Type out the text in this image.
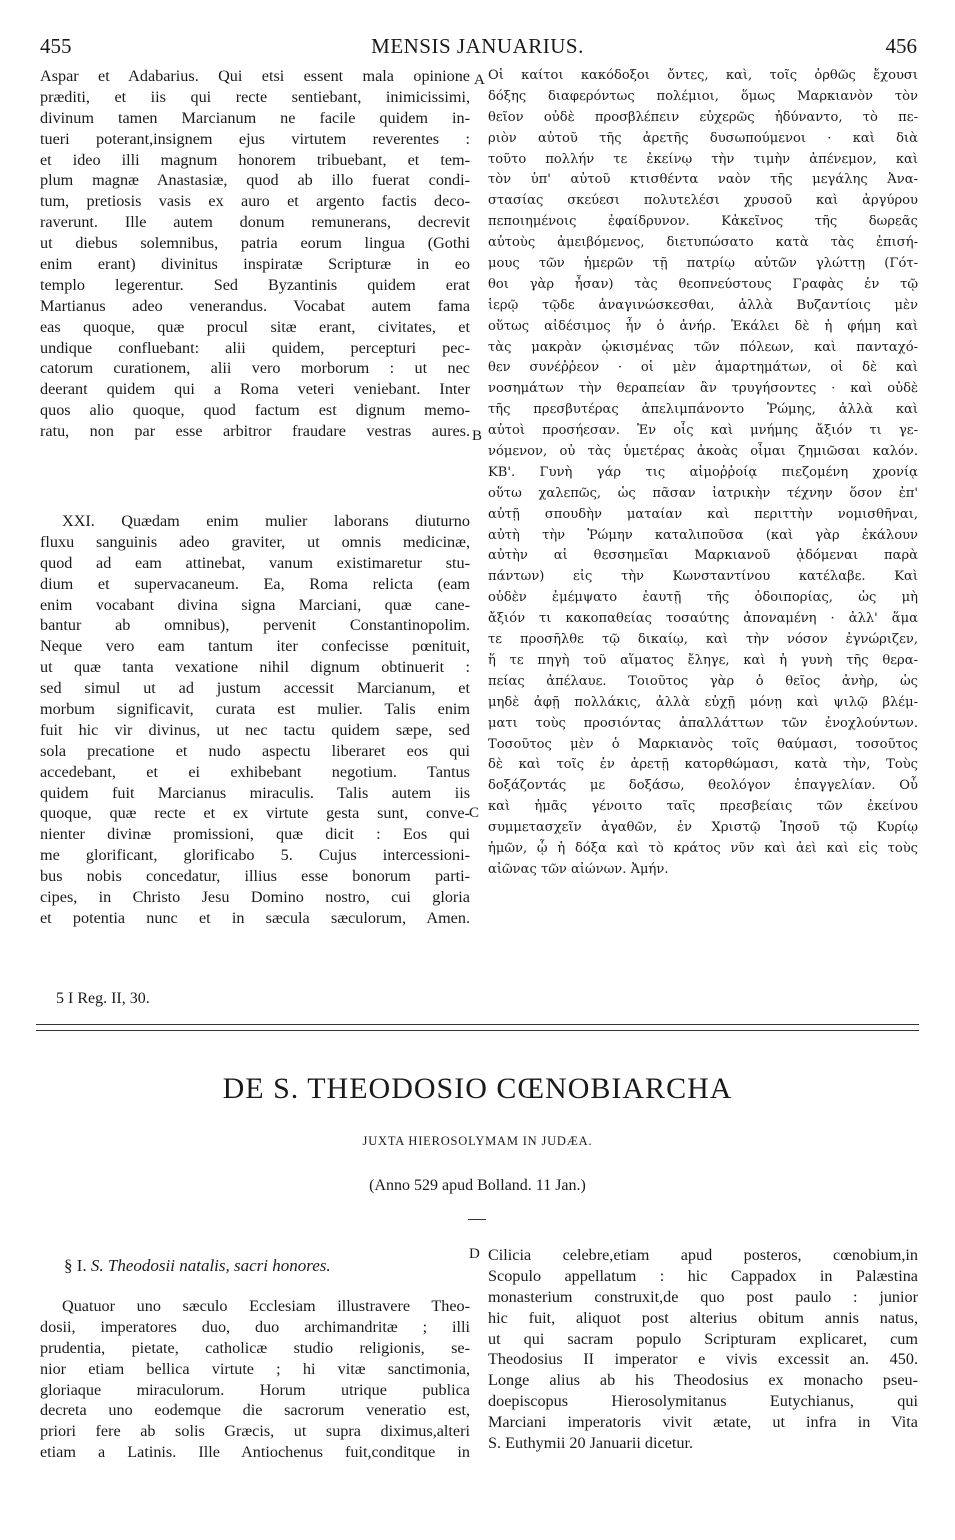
455	MENSIS JANUARIUS.	456
A
B
C
D
Aspar et Adabarius. Qui etsi essent mala opinione
præditi, et iis qui recte sentiebant, inimicissimi,
divinum tamen Marcianum ne facile quidem in-
tueri poterant,insignem ejus virtutem reverentes :
et ideo illi magnum honorem tribuebant, et tem-
plum magnæ Anastasiæ, quod ab illo fuerat condi-
tum, pretiosis vasis ex auro et argento factis deco-
raverunt. Ille autem donum remunerans, decrevit
ut diebus solemnibus, patria eorum lingua (Gothi
enim erant) divinitus inspiratæ Scripturæ in eo
templo legerentur. Sed Byzantinis quidem erat
Martianus adeo venerandus. Vocabat autem fama
eas quoque, quæ procul sitæ erant, civitates, et
undique confluebant: alii quidem, percepturi pec-
catorum curationem, alii vero morborum : ut nec
deerant quidem qui a Roma veteri veniebant. Inter
quos alio quoque, quod factum est dignum memo-
ratu, non par esse arbitror fraudare vestras aures.
XXI. Quædam enim mulier laborans diuturno
fluxu sanguinis adeo graviter, ut omnis medicinæ,
quod ad eam attinebat, vanum existimaretur stu-
dium et supervacaneum. Ea, Roma relicta (eam
enim vocabant divina signa Marciani, quæ cane-
bantur ab omnibus), pervenit Constantinopolim.
Neque vero eam tantum iter confecisse pœnituit,
ut quæ tanta vexatione nihil dignum obtinuerit :
sed simul ut ad justum accessit Marcianum, et
morbum significavit, curata est mulier. Talis enim
fuit hic vir divinus, ut nec tactu quidem sæpe, sed
sola precatione et nudo aspectu liberaret eos qui
accedebant, et ei exhibebant negotium. Tantus
quidem fuit Marcianus miraculis. Talis autem iis
quoque, quæ recte et ex virtute gesta sunt, conve-
nienter divinæ promissioni, quæ dicit : Eos qui
me glorificant, glorificabo 5. Cujus intercessioni-
bus nobis concedatur, illius esse bonorum parti-
cipes, in Christo Jesu Domino nostro, cui gloria
et potentia nunc et in sæcula sæculorum, Amen.
Οἱ καίτοι κακόδοξοι ὄντες, καὶ, τοῖς ὀρθῶς ἔχουσι
δόξης διαφερόντως πολέμιοι, ὅμως Μαρκιανὸν τὸν
θεῖον οὐδὲ προσβλέπειν εὐχερῶς ἠδύναντο, τὸ πε-
ριὸν αὐτοῦ τῆς ἀρετῆς δυσωπούμενοι · καὶ διὰ
τοῦτο πολλήν τε ἐκείνῳ τὴν τιμὴν ἀπένεμον, καὶ
τὸν ὑπ' αὐτοῦ κτισθέντα ναὸν τῆς μεγάλης Ἀνα-
στασίας σκεύεσι πολυτελέσι χρυσοῦ καὶ ἀργύρου
πεποιημένοις ἐφαίδρυνον. Κἀκεῖνος τῆς δωρεᾶς
αὐτοὺς ἀμειβόμενος, διετυπώσατο κατὰ τὰς ἐπισή-
μους τῶν ἡμερῶν τῇ πατρίῳ αὐτῶν γλώττῃ (Γότ-
θοι γὰρ ἦσαν) τὰς θεοπνεύστους Γραφὰς ἐν τῷ
ἱερῷ τῷδε ἀναγινώσκεσθαι, ἀλλὰ Βυζαντίοις μὲν
οὕτως αἰδέσιμος ἦν ὁ ἀνήρ. Ἐκάλει δὲ ἡ φήμη καὶ
τὰς μακρὰν ᾠκισμένας τῶν πόλεων, καὶ πανταχό-
θεν συνέῤῥεον · οἱ μὲν ἁμαρτημάτων, οἱ δὲ καὶ
νοσημάτων τὴν θεραπείαν ἂν τρυγήσοντες · καὶ οὐδὲ
τῆς πρεσβυτέρας ἀπελιμπάνοντο Ῥώμης, ἀλλὰ καὶ
αὐτοὶ προσήεσαν. Ἐν οἷς καὶ μνήμης ἄξιόν τι γε-
νόμενον, οὐ τὰς ὑμετέρας ἀκοὰς οἶμαι ζημιῶσαι καλόν.
ΚΒ'. Γυνὴ γάρ τις αἱμοῤῥοίᾳ πιεζομένη χρονίᾳ
οὕτω χαλεπῶς, ὡς πᾶσαν ἰατρικὴν τέχνην ὅσον ἐπ'
αὐτῇ σπουδὴν ματαίαν καὶ περιττὴν νομισθῆναι,
αὐτὴ τὴν Ῥώμην καταλιποῦσα (καὶ γὰρ ἐκάλουν
αὐτὴν αἱ θεσσημεῖαι Μαρκιανοῦ ᾀδόμεναι παρὰ
πάντων) εἰς τὴν Κωνσταντίνου κατέλαβε. Καὶ
οὐδὲν ἐμέμψατο ἑαυτῇ τῆς ὁδοιπορίας, ὡς μὴ
ἄξιόν τι κακοπαθείας τοσαύτης ἀποναμένη · ἀλλ' ἅμα
τε προσῆλθε τῷ δικαίῳ, καὶ τὴν νόσον ἐγνώριζεν,
ἥ τε πηγὴ τοῦ αἵματος ἔληγε, καὶ ἡ γυνὴ τῆς θερα-
πείας ἀπέλαυε. Τοιοῦτος γὰρ ὁ θεῖος ἀνὴρ, ὡς
μηδὲ ἀφῇ πολλάκις, ἀλλὰ εὐχῇ μόνῃ καὶ ψιλῷ βλέμ-
ματι τοὺς προσιόντας ἀπαλλάττων τῶν ἐνοχλούντων.
Τοσοῦτος μὲν ὁ Μαρκιανὸς τοῖς θαύμασι, τοσοῦτος
δὲ καὶ τοῖς ἐν ἀρετῇ κατορθώμασι, κατὰ τὴν, Τοὺς
δοξάζοντάς με δοξάσω, θεολόγον ἐπαγγελίαν. Οὗ
καὶ ἡμᾶς γένοιτο ταῖς πρεσβείαις τῶν ἐκείνου
συμμετασχεῖν ἀγαθῶν, ἐν Χριστῷ Ἰησοῦ τῷ Κυρίῳ
ἡμῶν, ᾧ ἡ δόξα καὶ τὸ κράτος νῦν καὶ ἀεὶ καὶ εἰς τοὺς
αἰῶνας τῶν αἰώνων. Ἀμήν.
5 I Reg. II, 30.
DE S. THEODOSIO CŒNOBIARCHA
JUXTA HIEROSOLYMAM IN JUDÆA.
(Anno 529 apud Bolland. 11 Jan.)
§ I. S. Theodosii natalis, sacri honores.
Quatuor uno sæculo Ecclesiam illustravere Theo-
dosii, imperatores duo, duo archimandritæ ; illi
prudentia, pietate, catholicæ studio religionis, se-
nior etiam bellica virtute ; hi vitæ sanctimonia,
gloriaque miraculorum. Horum utrique publica
decreta uno eodemque die sacrorum veneratio est,
priori fere ab solis Græcis, ut supra diximus,alteri
etiam a Latinis. Ille Antiochenus fuit,conditque in
Cilicia celebre,etiam apud posteros, cœnobium,in
Scopulo appellatum : hic Cappadox in Palæstina
monasterium construxit,de quo post paulo : junior
hic fuit, aliquot post alterius obitum annis natus,
ut qui sacram populo Scripturam explicaret, cum
Theodosius II imperator e vivis excessit an. 450.
Longe alius ab his Theodosius ex monacho pseu-
doepiscopus Hierosolymitanus Eutychianus, qui
Marciani imperatoris vivit ætate, ut infra in Vita
S. Euthymii 20 Januarii dicetur.
